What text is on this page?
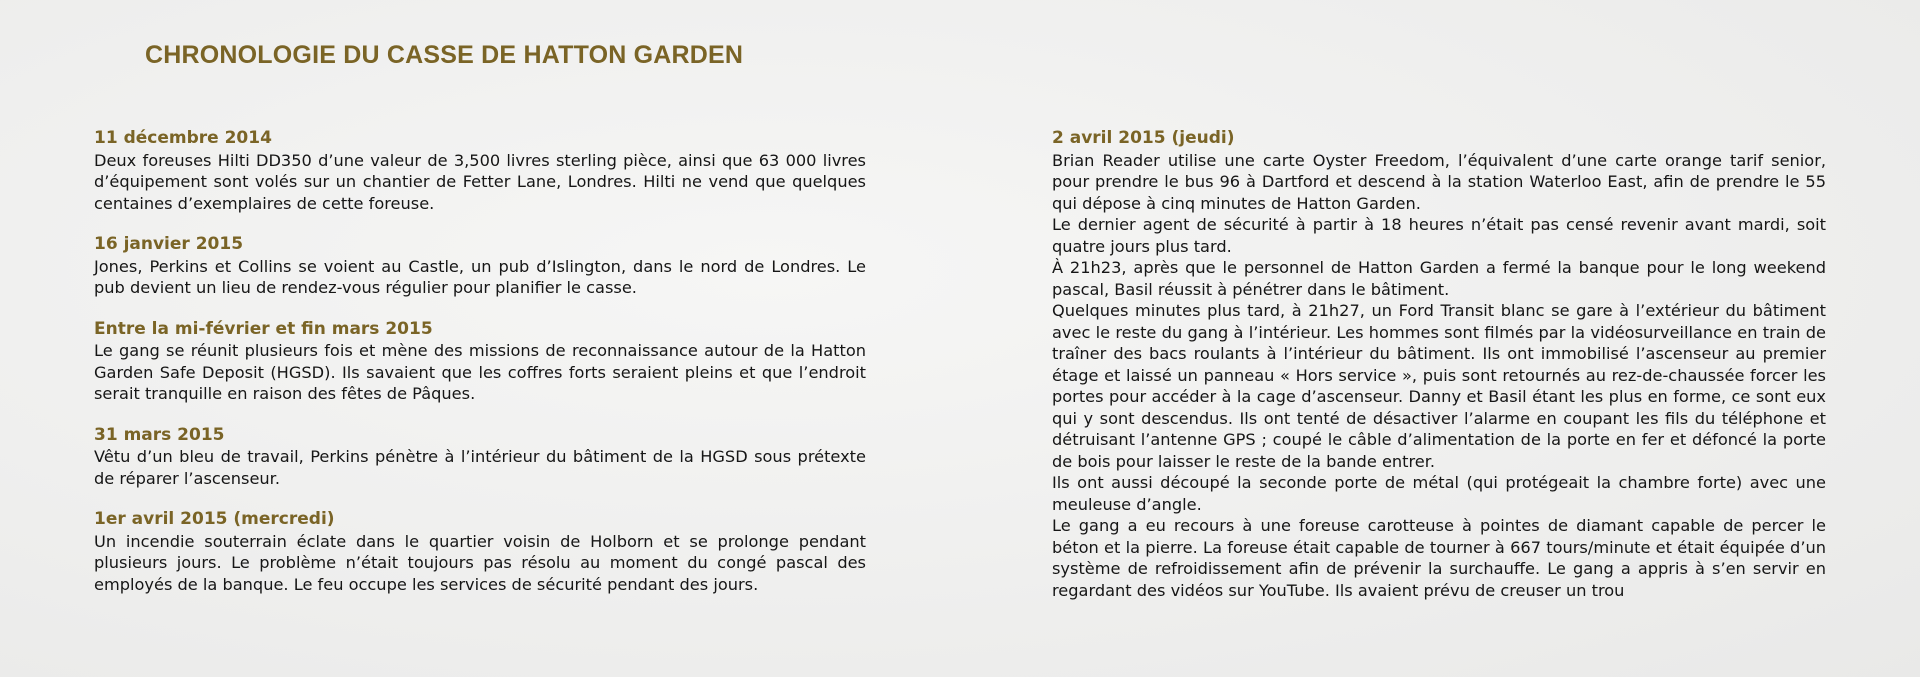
CHRONOLOGIE DU CASSE DE HATTON GARDEN
11 décembre 2014
Deux foreuses Hilti DD350 d’une valeur de 3,500 livres sterling pièce, ainsi que 63 000 livres d’équipement sont volés sur un chantier de Fetter Lane, Londres. Hilti ne vend que quelques centaines d’exemplaires de cette foreuse.
16 janvier 2015
Jones, Perkins et Collins se voient au Castle, un pub d’Islington, dans le nord de Londres. Le pub devient un lieu de rendez-vous régulier pour planifier le casse.
Entre la mi-février et fin mars 2015
Le gang se réunit plusieurs fois et mène des missions de reconnaissance autour de la Hatton Garden Safe Deposit (HGSD). Ils savaient que les coffres forts seraient pleins et que l’endroit serait tranquille en raison des fêtes de Pâques.
31 mars 2015
Vêtu d’un bleu de travail, Perkins pénètre à l’intérieur du bâtiment de la HGSD sous prétexte de réparer l’ascenseur.
1er avril 2015 (mercredi)
Un incendie souterrain éclate dans le quartier voisin de Holborn et se prolonge pendant plusieurs jours. Le problème n’était toujours pas résolu au moment du congé pascal des employés de la banque. Le feu occupe les services de sécurité pendant des jours.
2 avril 2015 (jeudi)

Brian Reader utilise une carte Oyster Freedom, l’équivalent d’une carte orange tarif senior, pour prendre le bus 96 à Dartford et descend à la station Waterloo East, afin de prendre le 55 qui dépose à cinq minutes de Hatton Garden.

Le dernier agent de sécurité à partir à 18 heures n’était pas censé revenir avant mardi, soit quatre jours plus tard.

À 21h23, après que le personnel de Hatton Garden a fermé la banque pour le long weekend pascal, Basil réussit à pénétrer dans le bâtiment.

Quelques minutes plus tard, à 21h27, un Ford Transit blanc se gare à l’extérieur du bâtiment avec le reste du gang à l’intérieur. Les hommes sont filmés par la vidéosurveillance en train de traîner des bacs roulants à l’intérieur du bâtiment. Ils ont immobilisé l’ascenseur au premier étage et laissé un panneau « Hors service », puis sont retournés au rez-de-chaussée forcer les portes pour accéder à la cage d’ascenseur. Danny et Basil étant les plus en forme, ce sont eux qui y sont descendus. Ils ont tenté de désactiver l’alarme en coupant les fils du téléphone et détruisant l’antenne GPS ; coupé le câble d’alimentation de la porte en fer et défoncé la porte de bois pour laisser le reste de la bande entrer.

Ils ont aussi découpé la seconde porte de métal (qui protégeait la chambre forte) avec une meuleuse d’angle.

Le gang a eu recours à une foreuse carotteuse à pointes de diamant capable de percer le béton et la pierre. La foreuse était capable de tourner à 667 tours/minute et était équipée d’un système de refroidissement afin de prévenir la surchauffe. Le gang a appris à s’en servir en regardant des vidéos sur YouTube. Ils avaient prévu de creuser un trou
